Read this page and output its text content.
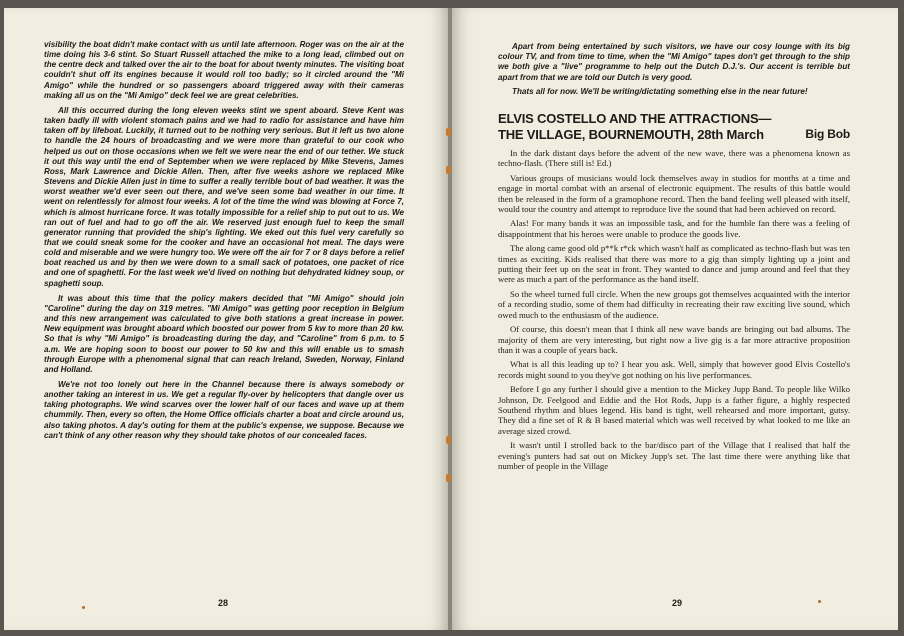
visibility the boat didn't make contact with us until late afternoon. Roger was on the air at the time doing his 3-6 stint. So Stuart Russell attached the mike to a long lead, climbed out on the centre deck and talked over the air to the boat for about twenty minutes. The visiting boat couldn't shut off its engines because it would roll too badly; so it circled around the "Mi Amigo" while the hundred or so passengers aboard triggered away with their cameras making all us on the "Mi Amigo" deck feel we are great celebrities.

All this occurred during the long eleven weeks stint we spent aboard. Steve Kent was taken badly ill with violent stomach pains and we had to radio for assistance and have him taken off by lifeboat. Luckily, it turned out to be nothing very serious. But it left us two alone to handle the 24 hours of broadcasting and we were more than grateful to our cook who helped us out on those occasions when we felt we were near the end of our tether. We stuck it out this way until the end of September when we were replaced by Mike Stevens, James Ross, Mark Lawrence and Dickie Allen. Then, after five weeks ashore we replaced Mike Stevens and Dickie Allen just in time to suffer a really terrible bout of bad weather. It was the worst weather we'd ever seen out there, and we've seen some bad weather in our time. It went on relentlessly for almost four weeks. A lot of the time the wind was blowing at Force 7, which is almost hurricane force. It was totally impossible for a relief ship to put out to us. We ran out of fuel and had to go off the air. We reserved just enough fuel to keep the small generator running that provided the ship's lighting. We eked out this fuel very carefully so that we could sneak some for the cooker and have an occasional hot meal. The days were cold and miserable and we were hungry too. We were off the air for 7 or 8 days before a relief boat reached us and by then we were down to a small sack of potatoes, one packet of rice and one of spaghetti. For the last week we'd lived on nothing but dehydrated kidney soup, or spaghetti soup.

It was about this time that the policy makers decided that "Mi Amigo" should join "Caroline" during the day on 319 metres. "Mi Amigo" was getting poor reception in Belgium and this new arrangement was calculated to give both stations a great increase in power. New equipment was brought aboard which boosted our power from 5 kw to more than 20 kw. So that is why "Mi Amigo" is broadcasting during the day, and "Caroline" from 6 p.m. to 5 a.m. We are hoping soon to boost our power to 50 kw and this will enable us to smash through Europe with a phenomenal signal that can reach Ireland, Sweden, Norway, Finland and Holland.

We're not too lonely out here in the Channel because there is always somebody or another taking an interest in us. We get a regular fly-over by helicopters that dangle over us taking photographs. We wind scarves over the lower half of our faces and wave up at them chummily. Then, every so often, the Home Office officials charter a boat and circle around us, also taking photos. A day's outing for them at the public's expense, we suppose. Because we can't think of any other reason why they should take photos of our concealed faces.

28

Apart from being entertained by such visitors, we have our cosy lounge with its big colour TV, and from time to time, when the "Mi Amigo" tapes don't get through to the ship we both give a "live" programme to help out the Dutch D.J.'s. Our accent is terrible but apart from that we are told our Dutch is very good.

Thats all for now. We'll be writing/dictating something else in the near future!

ELVIS COSTELLO AND THE ATTRACTIONS—
Big Bob
THE VILLAGE, BOURNEMOUTH, 28th March

In the dark distant days before the advent of the new wave, there was a phenomena known as techno-flash. (There still is! Ed.)

Various groups of musicians would lock themselves away in studios for months at a time and engage in mortal combat with an arsenal of electronic equipment. The results of this battle would then be released in the form of a gramophone record. Then the band feeling well pleased with itself, would tour the country and attempt to reproduce live the sound that had been achieved on record.

Alas! For many bands it was an impossible task, and for the humble fan there was a feeling of disappointment that his heroes were unable to produce the goods live.

The along came good old p**k r*ck which wasn't half as complicated as techno-flash but was ten times as exciting. Kids realised that there was more to a gig than simply lighting up a joint and putting their feet up on the seat in front. They wanted to dance and jump around and feel that they were as much a part of the performance as the band itself.

So the wheel turned full circle. When the new groups got themselves acquainted with the interior of a recording studio, some of them had difficulty in recreating their raw exciting live sound, which owed much to the enthusiasm of the audience.

Of course, this doesn't mean that I think all new wave bands are bringing out bad albums. The majority of them are very interesting, but right now a live gig is a far more attractive proposition than it was a couple of years back.

What is all this leading up to? I hear you ask. Well, simply that however good Elvis Costello's records might sound to you they've got nothing on his live performances.

Before I go any further I should give a mention to the Mickey Jupp Band. To people like Wilko Johnson, Dr. Feelgood and Eddie and the Hot Rods, Jupp is a father figure, a highly respected Southend rhythm and blues legend. His band is tight, well rehearsed and more important, gutsy. They did a fine set of R & B based material which was well received by what looked to me like an average sized crowd.

It wasn't until I strolled back to the bar/disco part of the Village that I realised that half the evening's punters had sat out on Mickey Jupp's set. The last time there were anything like that number of people in the Village

29
